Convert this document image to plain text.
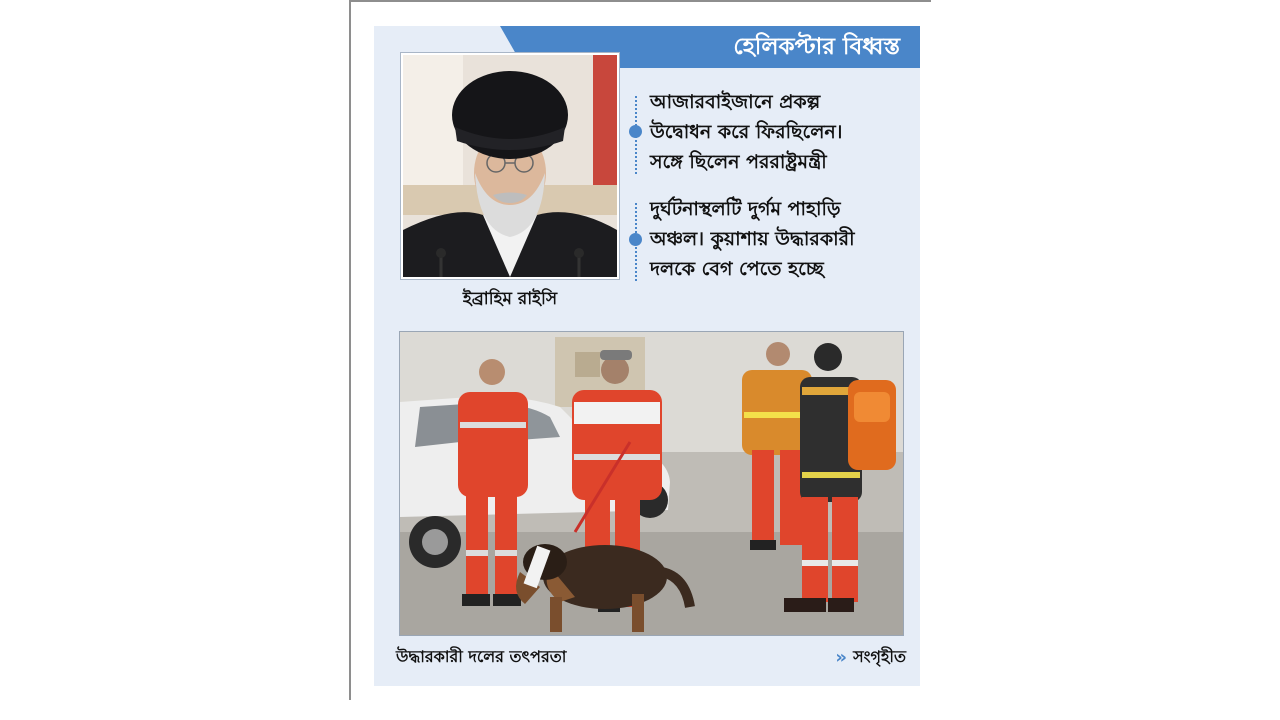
হেলিকপ্টার বিধ্বস্ত
ইব্রাহিম রাইসি
আজারবাইজানে প্রকল্প
উদ্বোধন করে ফিরছিলেন।
সঙ্গে ছিলেন পররাষ্ট্রমন্ত্রী
দুর্ঘটনাস্থলটি দুর্গম পাহাড়ি
অঞ্চল। কুয়াশায় উদ্ধারকারী
দলকে বেগ পেতে হচ্ছে
উদ্ধারকারী দলের তৎপরতা	» সংগৃহীত
